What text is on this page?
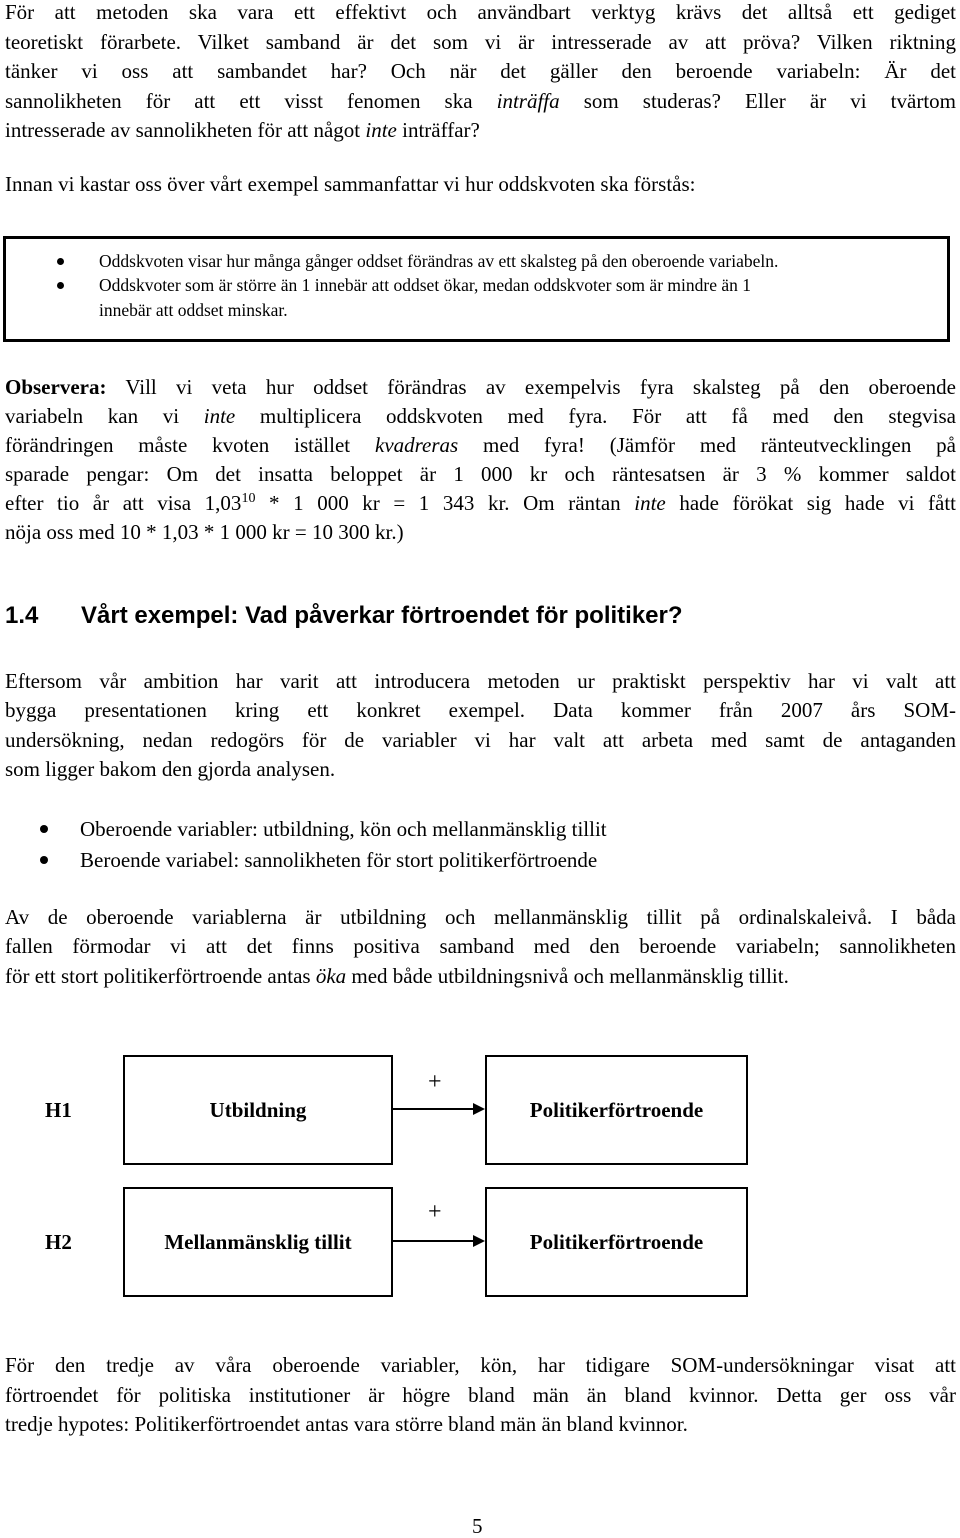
För att metoden ska vara ett effektivt och användbart verktyg krävs det alltså ett gediget
teoretiskt förarbete. Vilket samband är det som vi är intresserade av att pröva? Vilken riktning
tänker vi oss att sambandet har? Och när det gäller den beroende variabeln: Är det
sannolikheten för att ett visst fenomen ska inträffa som studeras? Eller är vi tvärtom
intresserade av sannolikheten för att något inte inträffar?
Innan vi kastar oss över vårt exempel sammanfattar vi hur oddskvoten ska förstås:
Oddskvoten visar hur många gånger oddset förändras av ett skalsteg på den oberoende variabeln.
Oddskvoter som är större än 1 innebär att oddset ökar, medan oddskvoter som är mindre än 1
innebär att oddset minskar.
Observera: Vill vi veta hur oddset förändras av exempelvis fyra skalsteg på den oberoende
variabeln kan vi inte multiplicera oddskvoten med fyra. För att få med den stegvisa
förändringen måste kvoten istället kvadreras med fyra! (Jämför med ränteutvecklingen på
sparade pengar: Om det insatta beloppet är 1 000 kr och räntesatsen är 3 % kommer saldot
efter tio år att visa 1,03$^{10}$ * 1 000 kr = 1 343 kr. Om räntan inte hade förökat sig hade vi fått
nöja oss med 10 * 1,03 * 1 000 kr = 10 300 kr.)
1.4 Vårt exempel: Vad påverkar förtroendet för politiker?
Eftersom vår ambition har varit att introducera metoden ur praktiskt perspektiv har vi valt att
bygga presentationen kring ett konkret exempel. Data kommer från 2007 års SOM-
undersökning, nedan redogörs för de variabler vi har valt att arbeta med samt de antaganden
som ligger bakom den gjorda analysen.
Oberoende variabler: utbildning, kön och mellanmänsklig tillit
Beroende variabel: sannolikheten för stort politikerförtroende
Av de oberoende variablerna är utbildning och mellanmänsklig tillit på ordinalskaleivå. I båda
fallen förmodar vi att det finns positiva samband med den beroende variabeln; sannolikheten
för ett stort politikerförtroende antas öka med både utbildningsnivå och mellanmänsklig tillit.
H1	Utbildning
+
Politikerförtroende
H2	Mellanmänsklig tillit
+
Politikerförtroende
För den tredje av våra oberoende variabler, kön, har tidigare SOM-undersökningar visat att
förtroendet för politiska institutioner är högre bland män än bland kvinnor. Detta ger oss vår
tredje hypotes: Politikerförtroendet antas vara större bland män än bland kvinnor.
5
